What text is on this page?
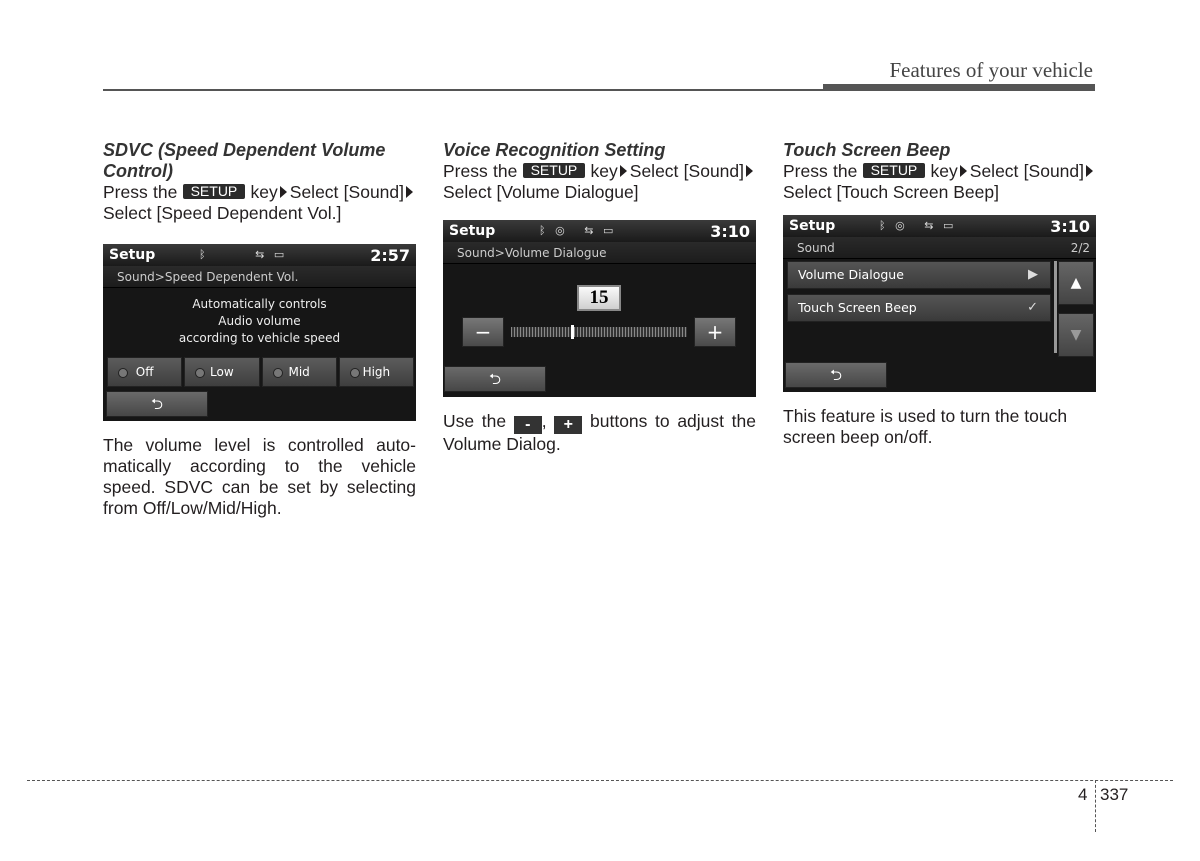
Features of your vehicle
SDVC (Speed Dependent Volume Control)
Press the SETUP key Select [Sound]Select [Speed Dependent Vol.]
Setup	ᛒ	⇆ ▭	2:57
Sound>Speed Dependent Vol.
Automatically controls
Audio volume
according to vehicle speed
Off	Low	Mid	High
⮌
The volume level is controlled auto-matically according to the vehicle speed. SDVC can be set by selecting from Off/Low/Mid/High.
Voice Recognition Setting
Press the SETUP key Select [Sound]Select [Volume Dialogue]
Setup	ᛒ ◎ ⇆ ▭	3:10
Sound>Volume Dialogue
15
−	+
⮌
Use the - , + buttons to adjust the Volume Dialog.
Touch Screen Beep
Press the SETUP key Select [Sound]Select [Touch Screen Beep]
Setup	ᛒ ◎ ⇆ ▭	3:10
Sound	2/2
Volume Dialogue	▶
Touch Screen Beep	✓
▲
▼
⮌
This feature is used to turn the touch screen beep on/off.
4 337
